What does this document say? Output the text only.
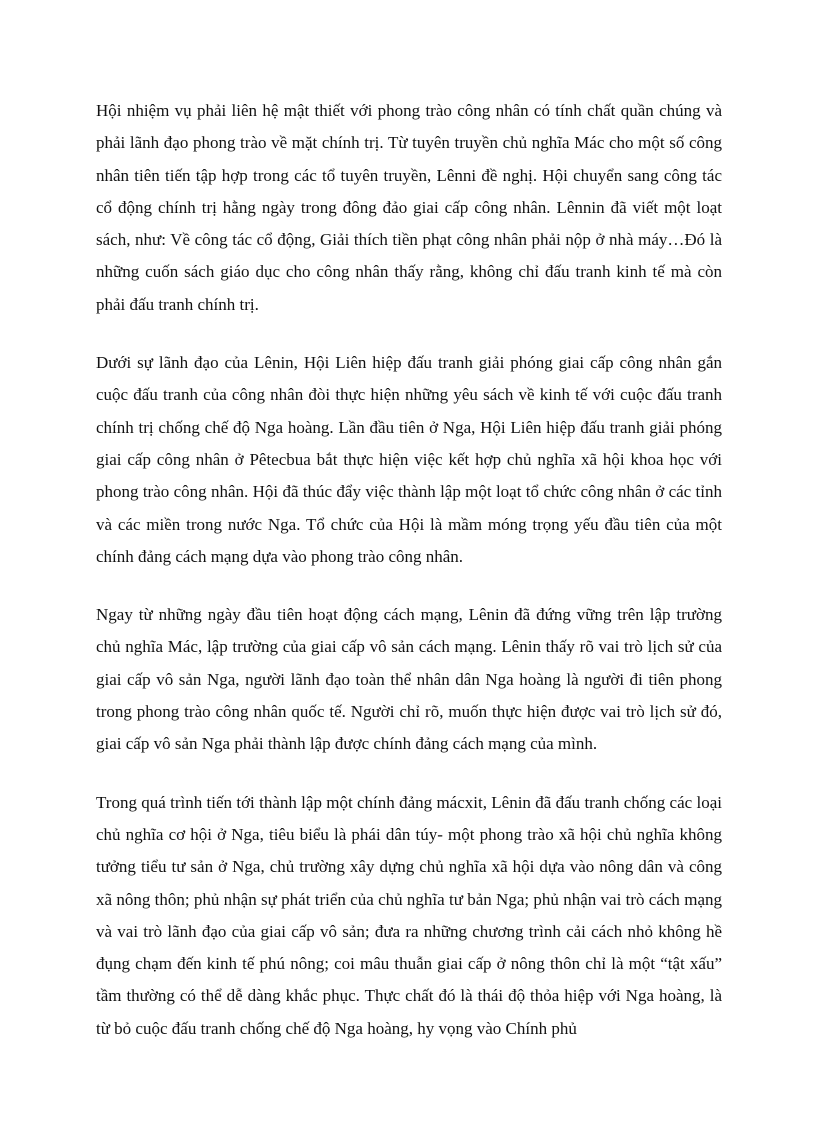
Hội nhiệm vụ phải liên hệ mật thiết với phong trào công nhân có tính chất quần chúng và phải lãnh đạo phong trào về mặt chính trị. Từ tuyên truyền chủ nghĩa Mác cho một số công nhân tiên tiến tập hợp trong các tổ tuyên truyền, Lênni đề nghị. Hội chuyển sang công tác cổ động chính trị hằng ngày trong đông đảo giai cấp công nhân. Lênnin đã viết một loạt sách, như: Về công tác cổ động, Giải thích tiền phạt công nhân phải nộp ở nhà máy…Đó là những cuốn sách giáo dục cho công nhân thấy rằng, không chỉ đấu tranh kinh tế mà còn phải đấu tranh chính trị.

Dưới sự lãnh đạo của Lênin, Hội Liên hiệp đấu tranh giải phóng giai cấp công nhân gắn cuộc đấu tranh của công nhân đòi thực hiện những yêu sách về kinh tế với cuộc đấu tranh chính trị chống chế độ Nga hoàng. Lần đầu tiên ở Nga, Hội Liên hiệp đấu tranh giải phóng giai cấp công nhân ở Pêtecbua bắt thực hiện việc kết hợp chủ nghĩa xã hội khoa học với phong trào công nhân. Hội đã thúc đẩy việc thành lập một loạt tổ chức công nhân ở các tỉnh và các miền trong nước Nga. Tổ chức của Hội là mầm móng trọng yếu đầu tiên của một chính đảng cách mạng dựa vào phong trào công nhân.

Ngay từ những ngày đầu tiên hoạt động cách mạng, Lênin đã đứng vững trên lập trường chủ nghĩa Mác, lập trường của giai cấp vô sản cách mạng. Lênin thấy rõ vai trò lịch sử của giai cấp vô sản Nga, người lãnh đạo toàn thể nhân dân Nga hoàng là người đi tiên phong trong phong trào công nhân quốc tế. Người chỉ rõ, muốn thực hiện được vai trò lịch sử đó, giai cấp vô sản Nga phải thành lập được chính đảng cách mạng của mình.

Trong quá trình tiến tới thành lập một chính đảng mácxit, Lênin đã đấu tranh chống các loại chủ nghĩa cơ hội ở Nga, tiêu biểu là phái dân túy- một phong trào xã hội chủ nghĩa không tưởng tiểu tư sản ở Nga, chủ trường xây dựng chủ nghĩa xã hội dựa vào nông dân và công xã nông thôn; phủ nhận sự phát triển của chủ nghĩa tư bản Nga; phủ nhận vai trò cách mạng và vai trò lãnh đạo của giai cấp vô sản; đưa ra những chương trình cải cách nhỏ không hề đụng chạm đến kinh tế phú nông; coi mâu thuẫn giai cấp ở nông thôn chỉ là một “tật xấu” tầm thường có thể dễ dàng khắc phục. Thực chất đó là thái độ thỏa hiệp với Nga hoàng, là từ bỏ cuộc đấu tranh chống chế độ Nga hoàng, hy vọng vào Chính phủ
